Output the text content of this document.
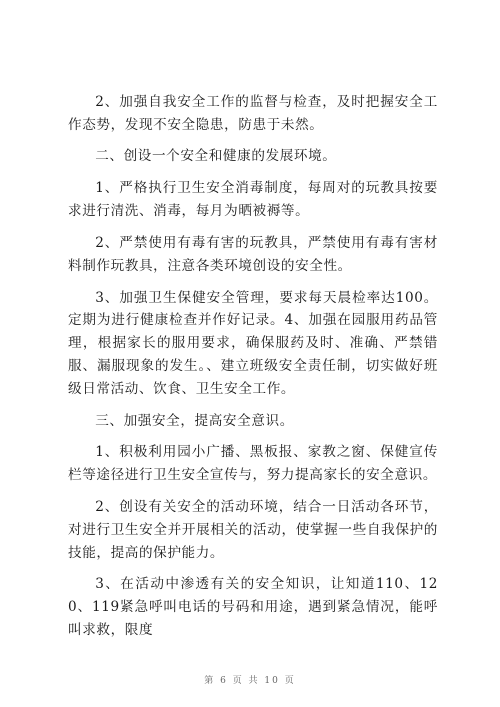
2、加强自我安全工作的监督与检查，及时把握安全工作态势，发现不安全隐患，防患于未然。

二、创设一个安全和健康的发展环境。

1、严格执行卫生安全消毒制度，每周对的玩教具按要求进行清洗、消毒，每月为晒被褥等。

2、严禁使用有毒有害的玩教具，严禁使用有毒有害材料制作玩教具，注意各类环境创设的安全性。

3、加强卫生保健安全管理，要求每天晨检率达100。定期为进行健康检查并作好记录。4、加强在园服用药品管理，根据家长的服用要求，确保服药及时、准确、严禁错服、漏服现象的发生。、建立班级安全责任制，切实做好班级日常活动、饮食、卫生安全工作。

三、加强安全，提高安全意识。

1、积极利用园小广播、黑板报、家教之窗、保健宣传栏等途径进行卫生安全宣传与，努力提高家长的安全意识。

2、创设有关安全的活动环境，结合一日活动各环节，对进行卫生安全并开展相关的活动，使掌握一些自我保护的技能，提高的保护能力。

3、在活动中渗透有关的安全知识，让知道110、120、119紧急呼叫电话的号码和用途，遇到紧急情况，能呼叫求救，限度

第 6 页 共 10 页
